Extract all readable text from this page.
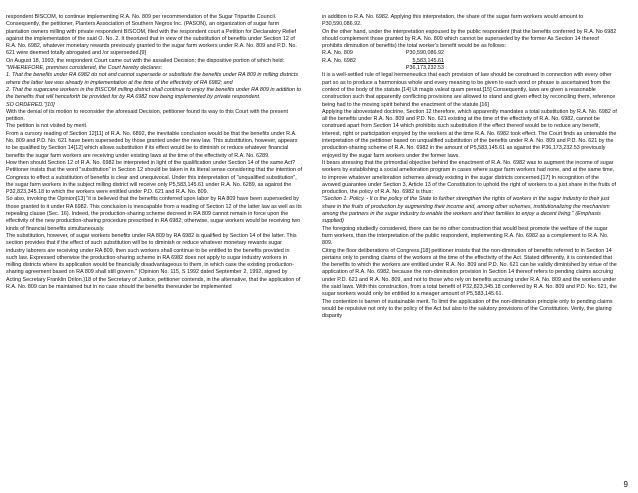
respondent BISCOM, to continue implementing R.A. No. 809 per recommendation of the Sugar Tripartite Council.

Consequently, the petitioner, Planters Association of Southern Negros Inc. (PASON), an organization of sugar farm plantation owners milling with private respondent BISCOM, filed with the respondent court a Petition for Declaratory Relief against the implementation of the said O. No. 2. It theorized that in view of the substitution of benefits under Section 12 of R.A. No. 6982, whatever monetary rewards previously granted to the sugar farm workers under R.A. No. 809 and P.D. No. 621 were deemed totally abrogated and /or superseded.[9]

On August 18, 1993, the respondent Court came out with the assailed Decision; the dispositive portion of which held:

"WHEREFORE, premises considered, the Court hereby declares:

1. That the benefits under RA 6982 do not and cannot supersede or substitute the benefits under RA 809 in milling districts where the latter law was already in implementation at the time of the effectivity of RA 6982; and

2. That the sugarcane workers in the BISCOM milling district shall continue to enjoy the benefits under RA 809 in addition to the benefits that will henceforth be provided for by RA 6982 now being implemented by private respondent.

SO ORDERED."[10]

With the denial of its motion to reconsider the aforesaid Decision, petitioner found its way to this Court with the present petition.

The petition is not visited by merit.

From a cursory reading of Section 12[11] of R.A. No. 6892, the inevitable conclusion would be that the benefits under R.A. No. 809 and P.D. No. 621 have been superseded by those granted under the new law. This substitution, however, appears to be qualified by Section 14[12] which allows substitution if its effect would be to diminish or reduce whatever financial benefits the sugar farm workers are receiving under existing laws at the time of the effectivity of R.A. No. 6289.

How then should Section 12 of R.A. No. 6982 be interpreted in light of the qualification under Section 14 of the same Act?

Petitioner insists that the word "substitution" in Section 12 should be taken in its literal sense considering that the intention of Congress to effect a substitution of benefits is clear and unequivocal. Under this interpretation of "unqualified substitution", the sugar farm workers in the subject milling district will receive only P5,583,145.61 under R.A. No. 6289, as against the P32,823,345.18 to which the workers were entitled under P.D. 621 and R.A. No. 809.

So also, invoking the Opinion[13] "it is believed that the benefits conferred upon labor by RA 809 have been superseded by those granted to it under RA 6982. This conclusion is inescapable from a reading of Section 12 of the latter law as well as its repealing clause (Sec. 16). Indeed, the production-sharing scheme decreed in RA 809 cannot remain in force upon the effectivity of the new production-sharing procedure prescribed in RA 6982; otherwise, sugar workers would be receiving two kinds of financial benefits simultaneously.

The substitution, however, of sugar workers benefits under RA 809 by RA 6982 is qualified by Section 14 of the latter. This section provides that if the effect of such substitution will be to diminish or reduce whatever monetary rewards sugar industry laborers are receiving under RA 809, then such workers shall continue to be entitled to the benefits provided in such law. Expressed otherwise the production-sharing scheme in RA 6982 does not apply to sugar industry workers in milling districts where its application would be financially disadvantageous to them, in which case the existing production-sharing agreement based on RA 809 shall still govern." (Opinion No. 115, S 1992 dated September 2, 1992, signed by Acting Secretary Franklin Drilon.)18 of the Secretary of Justice, petitioner contends, in the alternative, that the application of R.A. No. 809 can be maintained but in no case should the benefits thereunder be implemented

in addition to R.A. No. 6982. Applying this interpretation, the share of the sugar farm workers would amount to P30,590,086.92.

On the other hand, under the interpretation espoused by the public respondent (that the benefits conferred by R.A. No 6982 should complement those granted by R.A. No. 809 which cannot be superseded by the former As Section 14 thereof prohibits diminution of benefits) the total worker's benefit would be as follows:

R.A. No. 809	P30,590,086.92
R.A. No. 6982	5,583,145.61
P36,173,232.53

It is a well-settled rule of legal hermeneutics that each provision of law should be construed in connection with every other part so as to produce a harmonious whole and every meaning to be given to each word or phrase is ascertained from the context of the body of the statute.[14] Ut magis valeat quam pereat.[15] Consequently, laws are given a reasonable construction such that apparently conflicting provisions are allowed to stand and given effect by reconciling them, reference being had to the moving spirit behind the enactment of the statute.[16]

Applying the abovestated doctrine, Section 12 therefore, which apparently mandates a total substitution by R.A. No. 6982 of all the benefits under R.A. No. 809 and P.D. No. 621 existing at the time of the effectivity of R.A. No. 6982, cannot be construed apart from Section 14 which prohibits such substitution if the effect thereof would be to reduce any benefit, interest, right or participation enjoyed by the workers at the time R.A. No. 6982 took effect. The Court finds as untenable the interpretation of the petitioner based on unqualified substitution of the benefits under R.A. No. 809 and P.D. No. 621 by the production-sharing scheme of R.A. No. 6982 in the amount of P5,583,145.61 as against the P36,173,232.53 previously enjoyed by the sugar farm workers under the former laws.

It bears stressing that the primordial objective behind the enactment of R.A. No. 6982 was to augment the income of sugar workers by establishing a social amelioration program in cases where sugar farm workers had none, and at the same time, to improve whatever amelioration schemes already existing in the sugar districts concerned.[17] In recognition of the avowed guarantee under Section 3, Article 13 of the Constitution to uphold the right of workers to a just share in the fruits of production, the policy of R.A. No. 6982 is thus:

"Section 1. Policy. - It is the policy of the State to further strengthen the rights of workers in the sugar industry to their just share in the fruits of production by augmenting their income and, among other schemes, institutionalizing the mechanism among the partners in the sugar industry to enable the workers and their families to enjoy a decent living." (Emphasis supplied)

The foregoing studiedly considered, there can be no other construction that would best promote the welfare of the sugar farm workers, than the interpretation of the public respondent, implementing R.A. No. 6982 as a complement to R.A. No. 809.

Citing the floor deliberations of Congress,[18] petitioner insists that the non-diminution of benefits referred to in Section 14 pertains only to pending claims of the workers at the time of the effectivity of the Act. Stated differently, it is contended that the benefits to which the workers are entitled under R.A. No. 809 and P.D. No. 621 can be validly diminished by virtue of the application of R.A. No. 6982, because the non-diminution provision in Section 14 thereof refers to pending claims accruing under P.D. 621 and R.A. No. 809, and not to those who rely on benefits accruing under R.A. No. 809 and the workers under the said laws. With this construction, from a total benefit of P32,823,345.18 conferred by R.A. No. 809 and P.D. No. 621, the sugar workers would only be entitled to a meager amount of P5,583,145.61.

The contention is barren of sustainable merit. To limit the application of the non-diminution principle only to pending claims would be repulsive not only to the policy of the Act but also to the salutory provisions of the Constitution. Verily, the glaring disparity

9
